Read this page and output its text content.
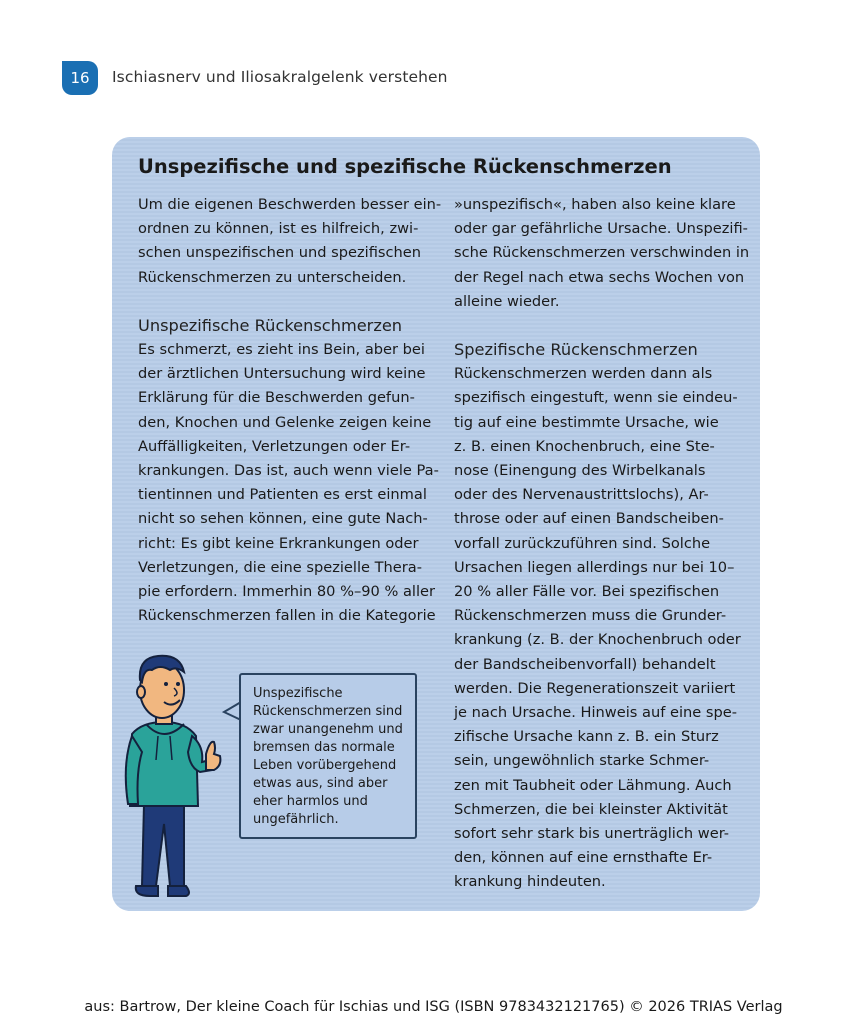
16 Ischiasnerv und Iliosakralgelenk verstehen
Unspezifische und spezifische Rückenschmerzen
Um die eigenen Beschwerden besser ein-
ordnen zu können, ist es hilfreich, zwi-
schen unspezifischen und spezifischen
Rückenschmerzen zu unterscheiden.
Unspezifische Rückenschmerzen
Es schmerzt, es zieht ins Bein, aber bei
der ärztlichen Untersuchung wird keine
Erklärung für die Beschwerden gefun-
den, Knochen und Gelenke zeigen keine
Auffälligkeiten, Verletzungen oder Er-
krankungen. Das ist, auch wenn viele Pa-
tientinnen und Patienten es erst einmal
nicht so sehen können, eine gute Nach-
richt: Es gibt keine Erkrankungen oder
Verletzungen, die eine spezielle Thera-
pie erfordern. Immerhin 80 %–90 % aller
Rückenschmerzen fallen in die Kategorie
»unspezifisch«, haben also keine klare
oder gar gefährliche Ursache. Unspezifi-
sche Rückenschmerzen verschwinden in
der Regel nach etwa sechs Wochen von
alleine wieder.
Spezifische Rückenschmerzen
Rückenschmerzen werden dann als
spezifisch eingestuft, wenn sie eindeu-
tig auf eine bestimmte Ursache, wie
z. B. einen Knochenbruch, eine Ste-
nose (Einengung des Wirbelkanals
oder des Nervenaustrittslochs), Ar-
throse oder auf einen Bandscheiben-
vorfall zurückzuführen sind. Solche
Ursachen liegen allerdings nur bei 10–
20 % aller Fälle vor. Bei spezifischen
Rückenschmerzen muss die Grunder-
krankung (z. B. der Knochenbruch oder
der Bandscheibenvorfall) behandelt
werden. Die Regenerationszeit variiert
je nach Ursache. Hinweis auf eine spe-
zifische Ursache kann z. B. ein Sturz
sein, ungewöhnlich starke Schmer-
zen mit Taubheit oder Lähmung. Auch
Schmerzen, die bei kleinster Aktivität
sofort sehr stark bis unerträglich wer-
den, können auf eine ernsthafte Er-
krankung hindeuten.
Unspezifische
Rückenschmerzen sind
zwar unangenehm und
bremsen das normale
Leben vorübergehend
etwas aus, sind aber
eher harmlos und
ungefährlich.
aus: Bartrow, Der kleine Coach für Ischias und ISG (ISBN 9783432121765) © 2026 TRIAS Verlag
